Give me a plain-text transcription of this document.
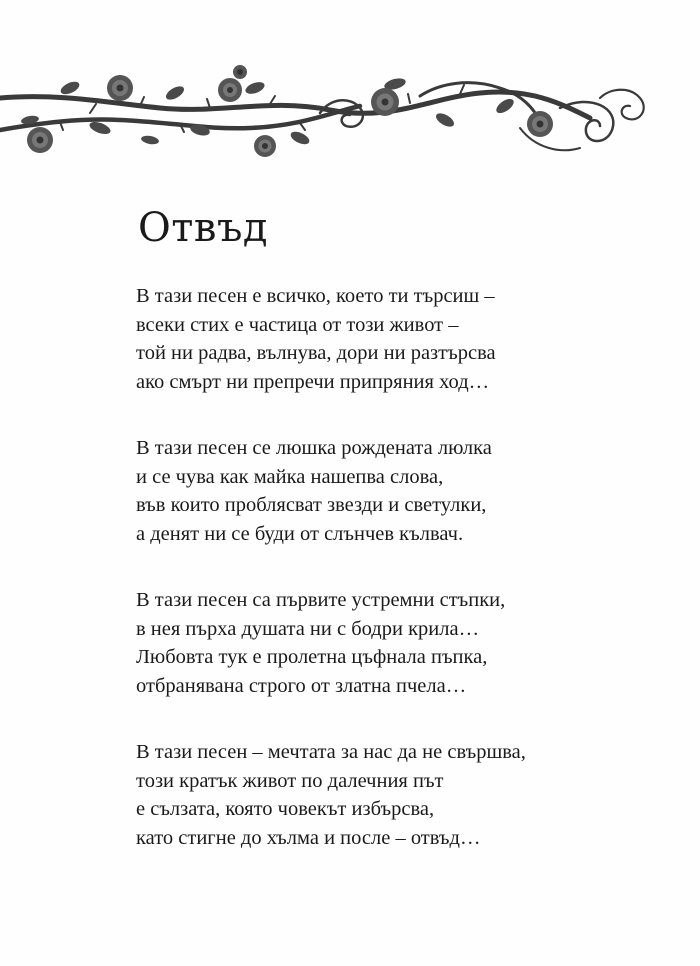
Отвъд
В тази песен е всичко, което ти търсиш –
всеки стих е частица от този живот –
той ни радва, вълнува, дори ни разтърсва
ако смърт ни препречи припряния ход…
В тази песен се люшка рождената люлка
и се чува как майка нашепва слова,
във които проблясват звезди и светулки,
а денят ни се буди от слънчев кълвач.
В тази песен са първите устремни стъпки,
в нея пърха душата ни с бодри крила…
Любовта тук е пролетна цъфнала пъпка,
отбранявана строго от златна пчела…
В тази песен – мечтата за нас да не свършва,
този кратък живот по далечния път
е сълзата, която човекът избърсва,
като стигне до хълма и после – отвъд…
